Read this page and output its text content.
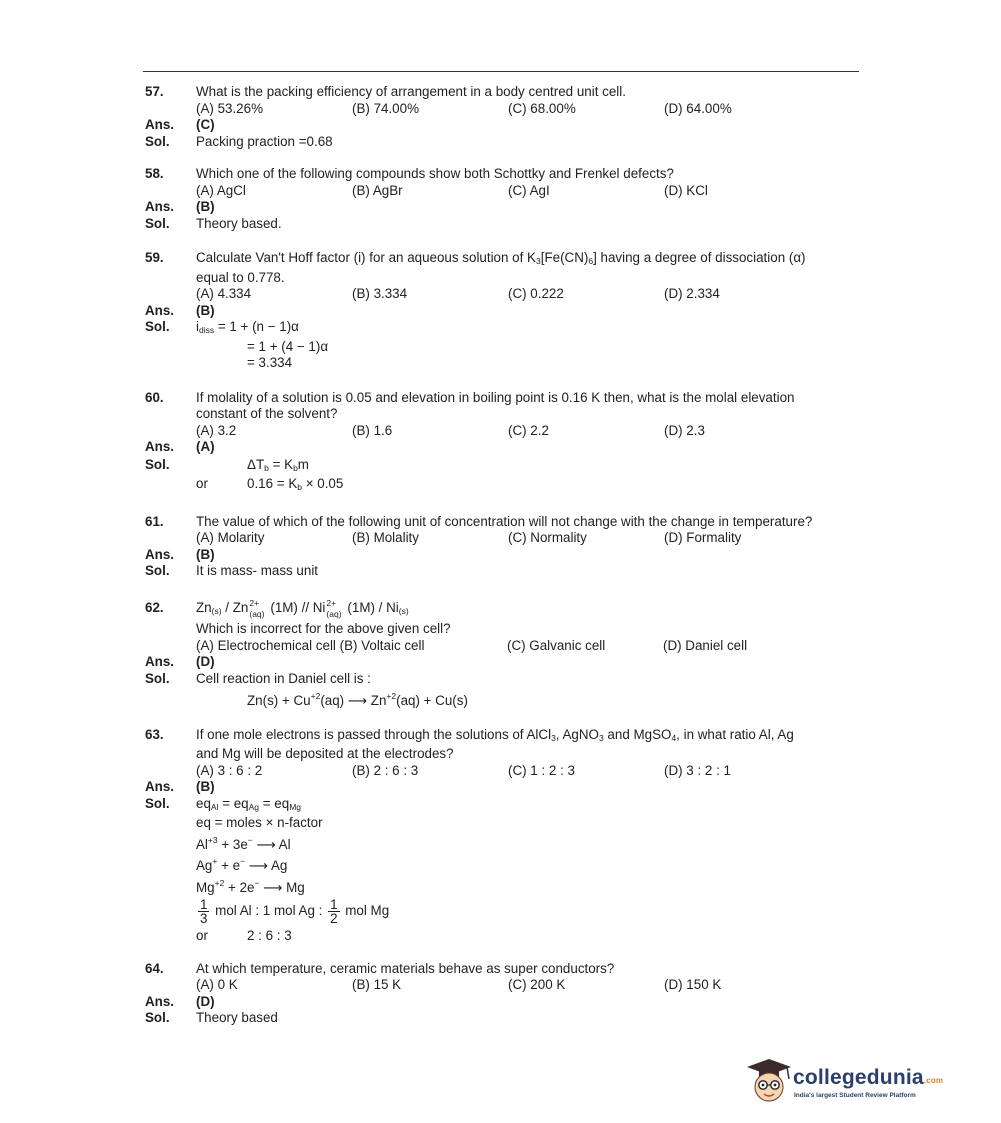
57.	What is the packing efficiency of arrangement in a body centred unit cell.
(A) 53.26%	(B) 74.00%	(C) 68.00%	(D) 64.00%
Ans.	(C)
Sol.	Packing praction =0.68
58.	Which one of the following compounds show both Schottky and Frenkel defects?
(A) AgCl	(B) AgBr	(C) AgI	(D) KCl
Ans.	(B)
Sol.	Theory based.
59.	Calculate Van't Hoff factor (i) for an aqueous solution of $K_3[Fe(CN)_6]$ having a degree of dissociation (α)
equal to 0.778.
(A) 4.334	(B) 3.334	(C) 0.222	(D) 2.334
Ans.	(B)
Sol.	$i_{diss} = 1 + (n - 1)\alpha$
= 1 + (4 − 1)α
= 3.334
60.	If molality of a solution is 0.05 and elevation in boiling point is 0.16 K then, what is the molal elevation
constant of the solvent?
(A) 3.2	(B) 1.6	(C) 2.2	(D) 2.3
Ans.	(A)
Sol.	$\Delta T_b = K_bm$
or	$0.16 = K_b \times 0.05$
61.	The value of which of the following unit of concentration will not change with the change in temperature?
(A) Molarity	(B) Molality	(C) Normality	(D) Formality
Ans.	(B)
Sol.	It is mass- mass unit
62.	$Zn_{(s)}$ / Zn 2+
(aq) (1M) // Ni 2+
(aq) $(1M) / Ni_{(s)}$
Which is incorrect for the above given cell?
(A) Electrochemical cell (B) Voltaic cell	(C) Galvanic cell	(D) Daniel cell
Ans.	(D)
Sol.	Cell reaction in Daniel cell is :
$Zn(s) + Cu^{+2}(aq)$ ⟶ $Zn^{+2}(aq) + Cu(s)$
63.	If one mole electrons is passed through the solutions of AlCl$_3$, AgNO$_3$ and MgSO$_4$, in what ratio Al, Ag
and Mg will be deposited at the electrodes?
(A) 3 : 6 : 2	(B) 2 : 6 : 3	(C) 1 : 2 : 3	(D) 3 : 2 : 1
Ans.	(B)
Sol.	$eq_{Al} = eq_{Ag} = eq_{Mg}$
eq = moles × n-factor
$Al^{+3} + 3e^-$ ⟶ Al
Ag+ + e− ⟶ Ag
$Mg^{+2} + 2e^-$ ⟶ Mg
$\frac{1}{3}$ mol Al : 1 mol Ag : $\frac{1}{2}$ mol Mg
or	2 : 6 : 3
64.	At which temperature, ceramic materials behave as super conductors?
(A) 0 K	(B) 15 K	(C) 200 K	(D) 150 K
Ans.	(D)
Sol.	Theory based
collegedunia.com
India's largest Student Review Platform
